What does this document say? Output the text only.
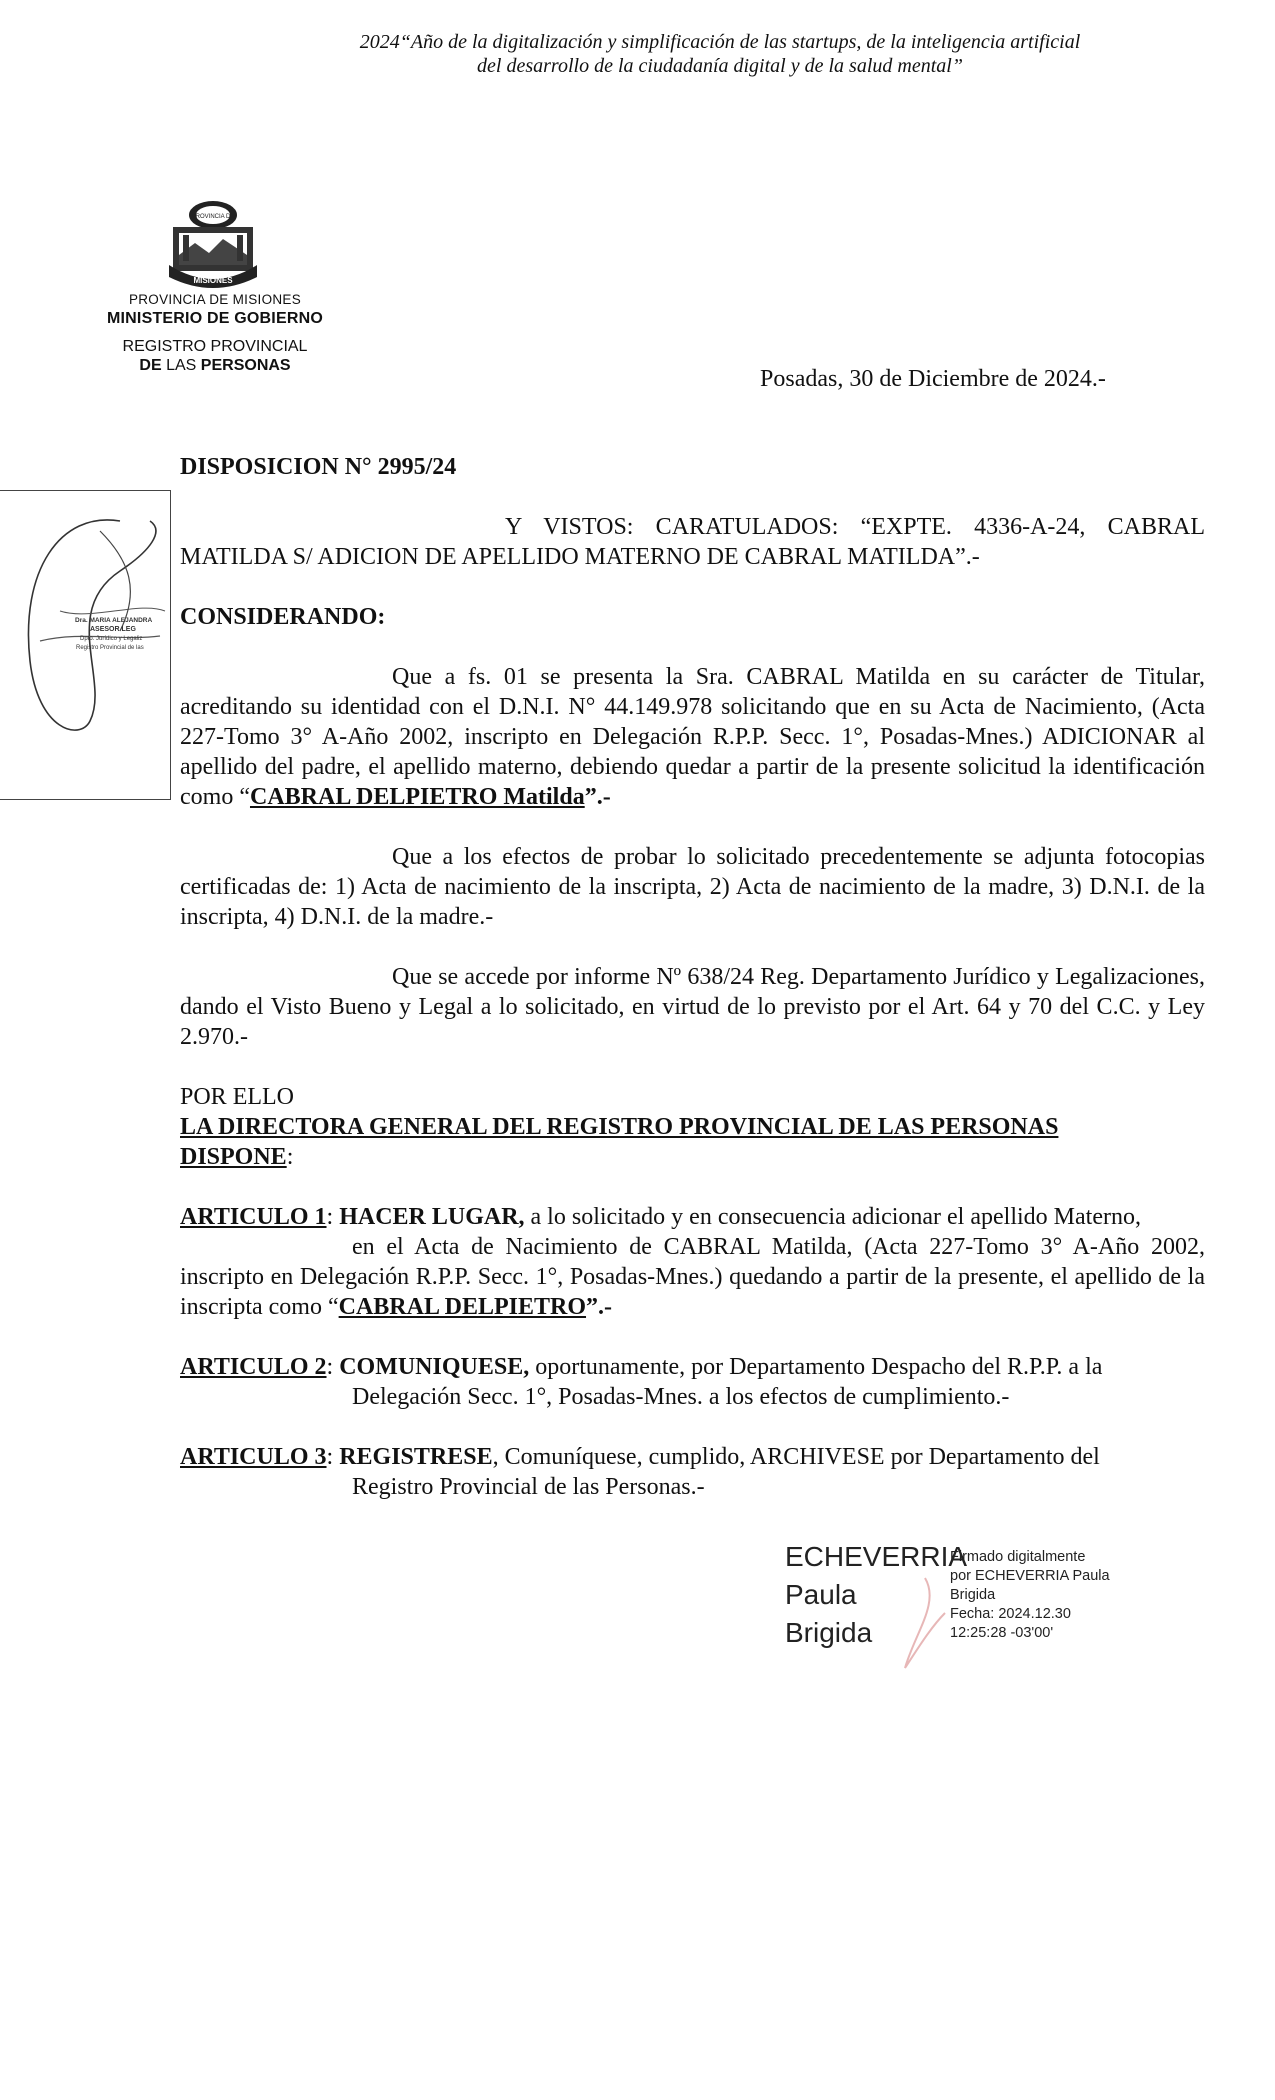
2024“Año de la digitalización y simplificación de las startups, de la inteligencia artificial
del desarrollo de la ciudadanía digital y de la salud mental”
PROVINCIA DE
MISIONES
PROVINCIA DE MISIONES
MINISTERIO DE GOBIERNO
REGISTRO PROVINCIAL
DE LAS PERSONAS
Posadas, 30 de Diciembre de 2024.-
Dra. MARIA ALEJANDRA
ASESOR LEG
Dpto. Jurídico y Legaliz
Registro Provincial de las

DISPOSICION N° 2995/24

Y VISTOS: CARATULADOS: “EXPTE. 4336-A-24, CABRAL

MATILDA S/ ADICION DE APELLIDO MATERNO DE CABRAL MATILDA”.-

CONSIDERANDO:

Que a fs. 01 se presenta la Sra. CABRAL Matilda en su carácter de Titular, acreditando su identidad con el D.N.I. N° 44.149.978 solicitando que en su Acta de Nacimiento, (Acta 227-Tomo 3° A-Año 2002, inscripto en Delegación R.P.P. Secc. 1°, Posadas-Mnes.) ADICIONAR al apellido del padre, el apellido materno, debiendo quedar a partir de la presente solicitud la identificación como “CABRAL DELPIETRO Matilda”.-

Que a los efectos de probar lo solicitado precedentemente se adjunta fotocopias certificadas de: 1) Acta de nacimiento de la inscripta, 2) Acta de nacimiento de la madre, 3) D.N.I. de la inscripta, 4) D.N.I. de la madre.-

Que se accede por informe Nº 638/24 Reg. Departamento Jurídico y Legalizaciones, dando el Visto Bueno y Legal a lo solicitado, en virtud de lo previsto por el Art. 64 y 70 del C.C. y Ley 2.970.-

POR ELLO

LA DIRECTORA GENERAL DEL REGISTRO PROVINCIAL DE LAS PERSONAS

DISPONE:

ARTICULO 1: HACER LUGAR, a lo solicitado y en consecuencia adicionar el apellido Materno,

en el Acta de Nacimiento de CABRAL Matilda, (Acta 227-Tomo 3° A-Año 2002, inscripto en Delegación R.P.P. Secc. 1°, Posadas-Mnes.) quedando a partir de la presente, el apellido de la inscripta como “CABRAL DELPIETRO”.-

ARTICULO 2: COMUNIQUESE, oportunamente, por Departamento Despacho del R.P.P. a la

Delegación Secc. 1°, Posadas-Mnes. a los efectos de cumplimiento.-

ARTICULO 3: REGISTRESE, Comuníquese, cumplido, ARCHIVESE por Departamento del

Registro Provincial de las Personas.-

ECHEVERRIA
Paula
Brigida
Firmado digitalmente
por ECHEVERRIA Paula
Brigida
Fecha: 2024.12.30
12:25:28 -03'00'
